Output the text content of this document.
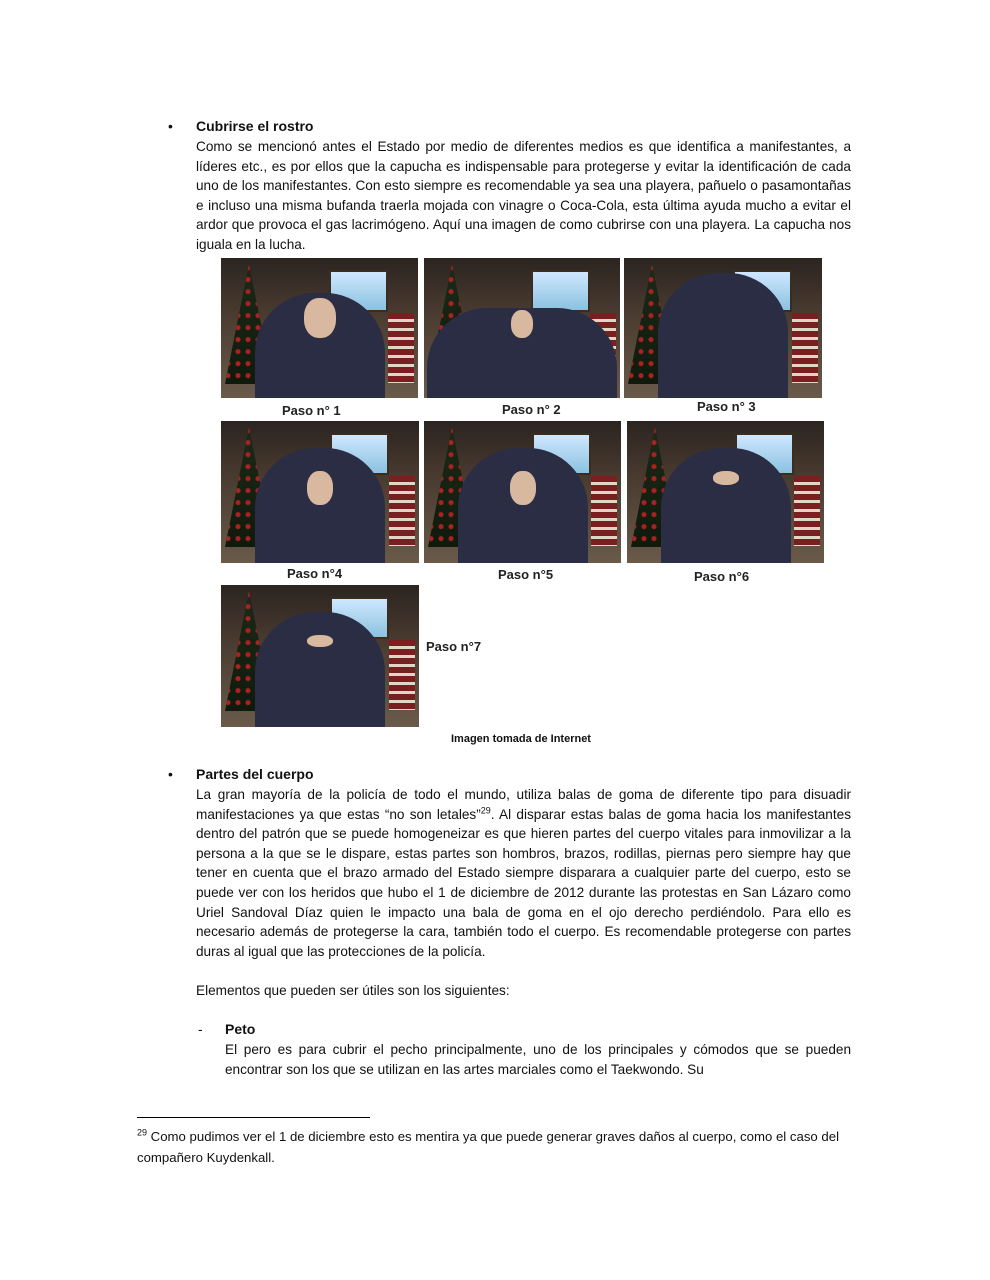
• Cubrirse el rostro
Como se mencionó antes el Estado por medio de diferentes medios es que identifica a manifestantes, a líderes etc., es por ellos que la capucha es indispensable para protegerse y evitar la identificación de cada uno de los manifestantes. Con esto siempre es recomendable ya sea una playera, pañuelo o pasamontañas e incluso una misma bufanda traerla mojada con vinagre o Coca-Cola, esta última ayuda mucho a evitar el ardor que provoca el gas lacrimógeno. Aquí una imagen de como cubrirse con una playera. La capucha nos iguala en la lucha.
Paso n° 1	Paso n° 2	Paso n° 3
Paso n°4	Paso n°5	Paso n°6
Paso n°7
Imagen tomada de Internet
• Partes del cuerpo
La gran mayoría de la policía de todo el mundo, utiliza balas de goma de diferente tipo para disuadir manifestaciones ya que estas “no son letales”$^{29}$. Al disparar estas balas de goma hacia los manifestantes dentro del patrón que se puede homogeneizar es que hieren partes del cuerpo vitales para inmovilizar a la persona a la que se le dispare, estas partes son hombros, brazos, rodillas, piernas pero siempre hay que tener en cuenta que el brazo armado del Estado siempre disparara a cualquier parte del cuerpo, esto se puede ver con los heridos que hubo el 1 de diciembre de 2012 durante las protestas en San Lázaro como Uriel Sandoval Díaz quien le impacto una bala de goma en el ojo derecho perdiéndolo. Para ello es necesario además de protegerse la cara, también todo el cuerpo. Es recomendable protegerse con partes duras al igual que las protecciones de la policía.
Elementos que pueden ser útiles son los siguientes:
- Peto
El pero es para cubrir el pecho principalmente, uno de los principales y cómodos que se pueden encontrar son los que se utilizan en las artes marciales como el Taekwondo. Su
$^{29}$ Como pudimos ver el 1 de diciembre esto es mentira ya que puede generar graves daños al cuerpo, como el caso del compañero Kuydenkall.
